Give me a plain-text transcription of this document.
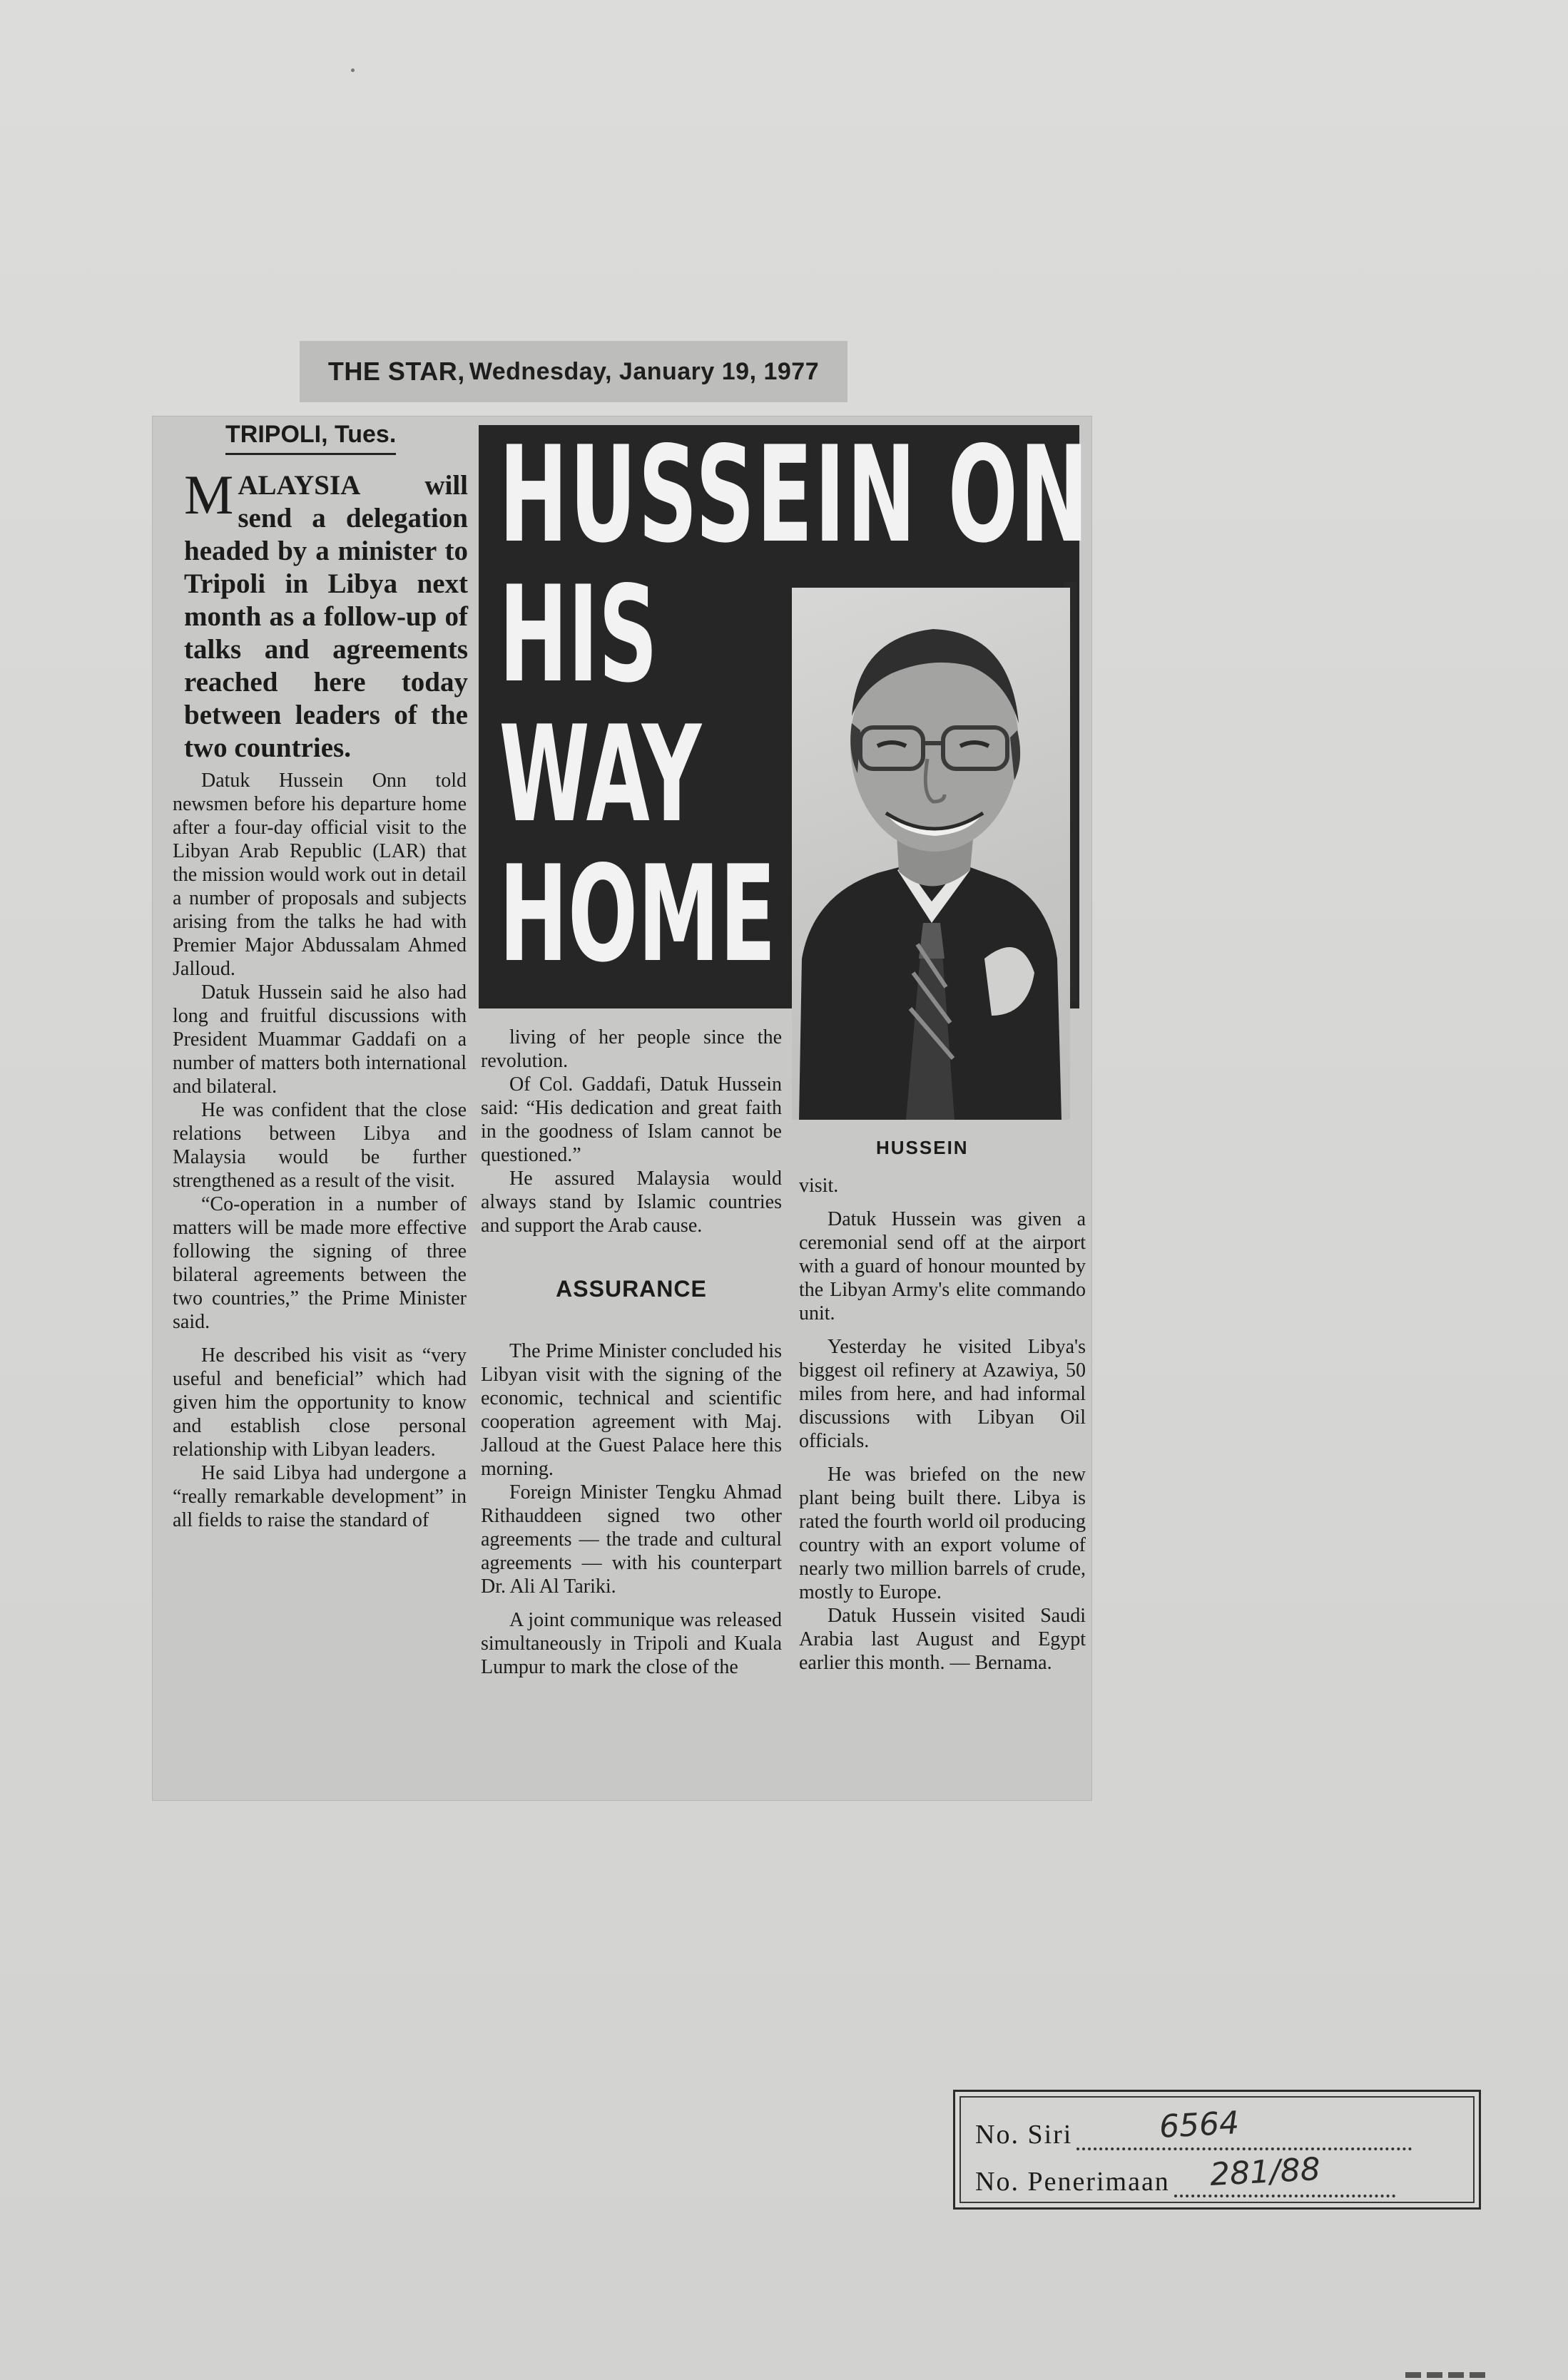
THE STAR, Wednesday, January 19, 1977
TRIPOLI, Tues.
MALAYSIA will send a delegation headed by a minister to Tripoli in Libya next month as a follow-up of talks and agreements reached here today between leaders of the two countries.

Datuk Hussein Onn told newsmen before his departure home after a four-day official visit to the Libyan Arab Republic (LAR) that the mission would work out in detail a number of proposals and subjects arising from the talks he had with Premier Major Abdussalam Ahmed Jalloud.

Datuk Hussein said he also had long and fruitful discussions with President Muammar Gaddafi on a number of matters both international and bilateral.

He was confident that the close relations between Libya and Malaysia would be further strengthened as a result of the visit.

“Co-operation in a number of matters will be made more effective following the signing of three bilateral agreements between the two countries,” the Prime Minister said.

He described his visit as “very useful and beneficial” which had given him the opportunity to know and establish close personal relationship with Libyan leaders.

He said Libya had undergone a “really remarkable development” in all fields to raise the standard of

HUSSEIN ON
HIS
WAY
HOME
HUSSEIN

living of her people since the revolution.

Of Col. Gaddafi, Datuk Hussein said: “His dedication and great faith in the goodness of Islam cannot be questioned.”

He assured Malaysia would always stand by Islamic countries and support the Arab cause.

ASSURANCE

The Prime Minister concluded his Libyan visit with the signing of the economic, technical and scientific cooperation agreement with Maj. Jalloud at the Guest Palace here this morning.

Foreign Minister Tengku Ahmad Rithauddeen signed two other agreements — the trade and cultural agreements — with his counterpart Dr. Ali Al Tariki.

A joint communique was released simultaneously in Tripoli and Kuala Lumpur to mark the close of the

visit.

Datuk Hussein was given a ceremonial send off at the airport with a guard of honour mounted by the Libyan Army's elite commando unit.

Yesterday he visited Libya's biggest oil refinery at Azawiya, 50 miles from here, and had informal discussions with Libyan Oil officials.

He was briefed on the new plant being built there. Libya is rated the fourth world oil producing country with an export volume of nearly two million barrels of crude, mostly to Europe.

Datuk Hussein visited Saudi Arabia last August and Egypt earlier this month. — Bernama.

No. Siri	6564
No. Penerimaan 281/88
